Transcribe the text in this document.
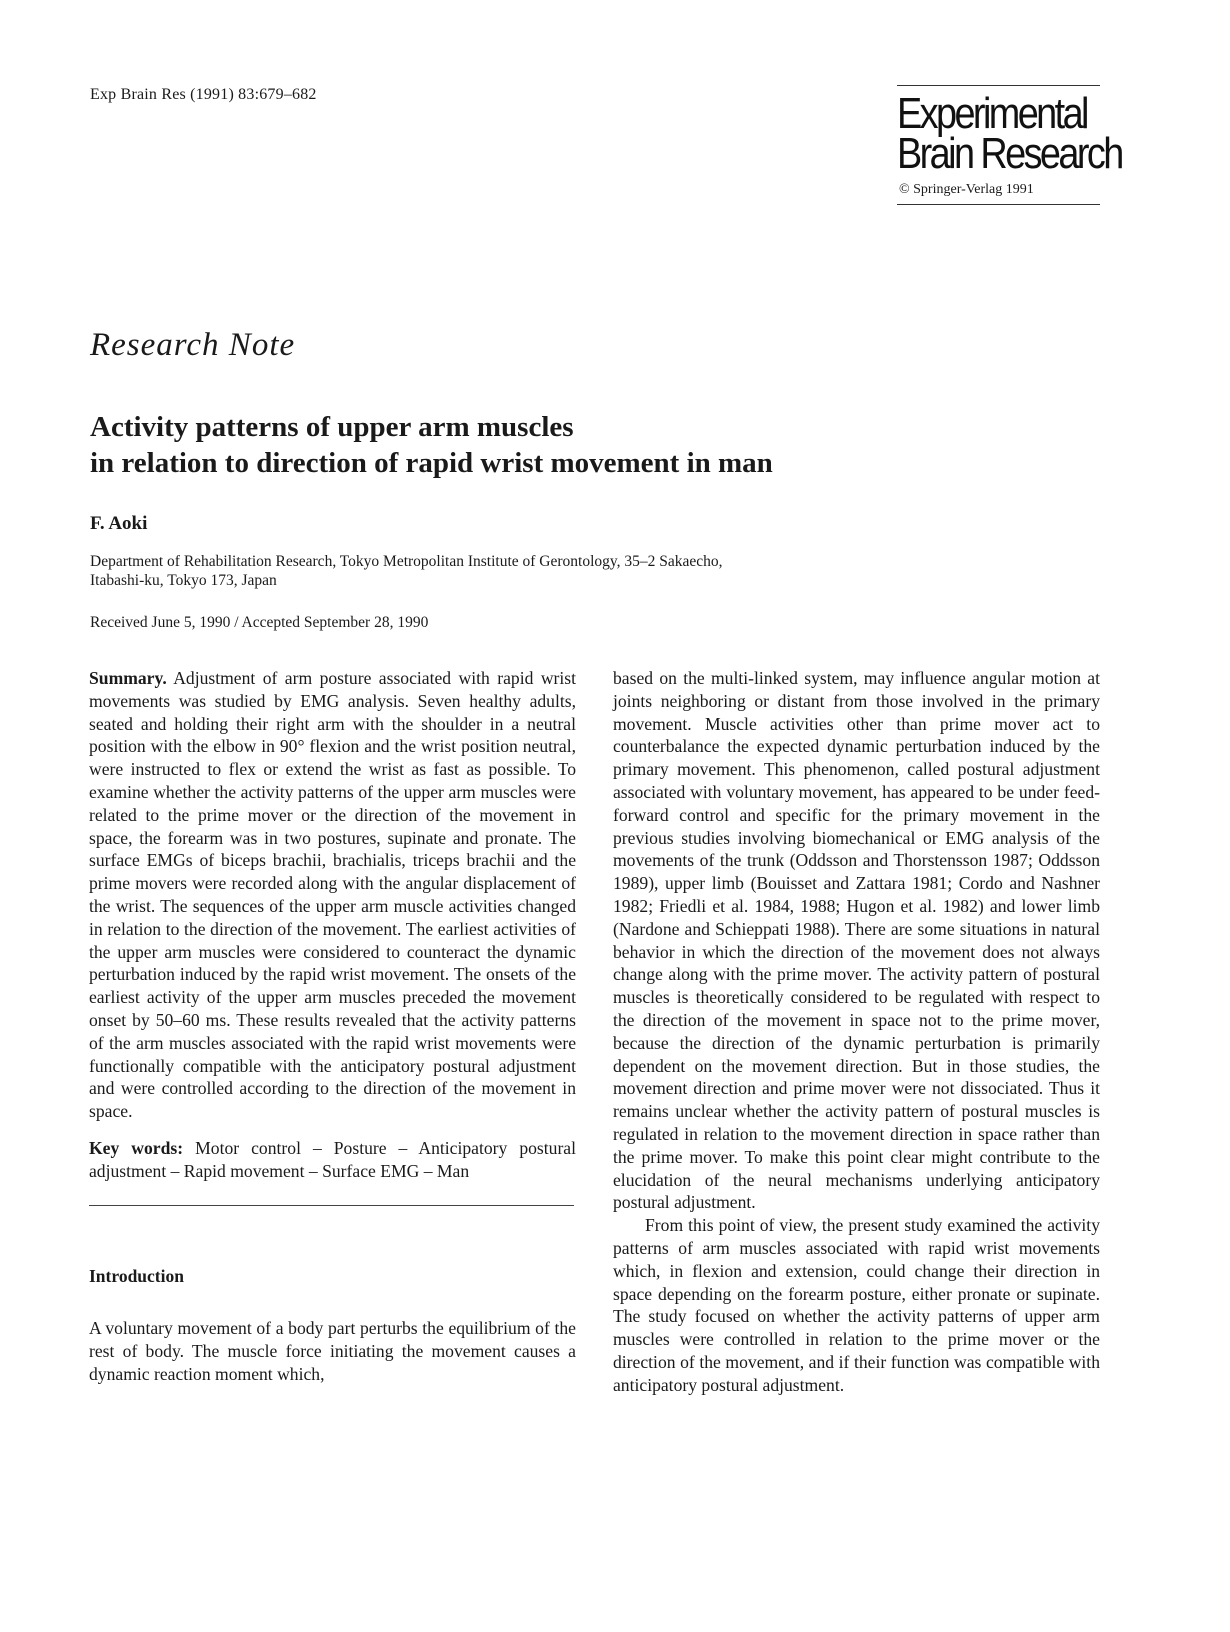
Exp Brain Res (1991) 83:679–682	Experimental
Brain Research
© Springer-Verlag 1991
Research Note
Activity patterns of upper arm muscles
in relation to direction of rapid wrist movement in man
F. Aoki
Department of Rehabilitation Research, Tokyo Metropolitan Institute of Gerontology, 35–2 Sakaecho,
Itabashi-ku, Tokyo 173, Japan
Received June 5, 1990 / Accepted September 28, 1990

Summary. Adjustment of arm posture associated with rapid wrist movements was studied by EMG analysis. Seven healthy adults, seated and holding their right arm with the shoulder in a neutral position with the elbow in 90° flexion and the wrist position neutral, were instructed to flex or extend the wrist as fast as possible. To examine whether the activity patterns of the upper arm muscles were related to the prime mover or the direction of the movement in space, the forearm was in two postures, supinate and pronate. The surface EMGs of biceps brachii, brachialis, triceps brachii and the prime movers were recorded along with the angular displacement of the wrist. The sequences of the upper arm muscle activities changed in relation to the direction of the movement. The earliest activities of the upper arm muscles were considered to counteract the dynamic perturbation induced by the rapid wrist movement. The onsets of the earliest activity of the upper arm muscles preceded the movement onset by 50–60 ms. These results revealed that the activity patterns of the arm muscles associated with the rapid wrist movements were functionally compatible with the anticipatory postural adjustment and were controlled according to the direction of the movement in space.

Key words: Motor control – Posture – Anticipatory postural adjustment – Rapid movement – Surface EMG – Man

Introduction

A voluntary movement of a body part perturbs the equilibrium of the rest of body. The muscle force initiating the movement causes a dynamic reaction moment which,

based on the multi-linked system, may influence angular motion at joints neighboring or distant from those involved in the primary movement. Muscle activities other than prime mover act to counterbalance the expected dynamic perturbation induced by the primary movement. This phenomenon, called postural adjustment associated with voluntary movement, has appeared to be under feed-forward control and specific for the primary movement in the previous studies involving biomechanical or EMG analysis of the movements of the trunk (Oddsson and Thorstensson 1987; Oddsson 1989), upper limb (Bouisset and Zattara 1981; Cordo and Nashner 1982; Friedli et al. 1984, 1988; Hugon et al. 1982) and lower limb (Nardone and Schieppati 1988). There are some situations in natural behavior in which the direction of the movement does not always change along with the prime mover. The activity pattern of postural muscles is theoretically considered to be regulated with respect to the direction of the movement in space not to the prime mover, because the direction of the dynamic perturbation is primarily dependent on the movement direction. But in those studies, the movement direction and prime mover were not dissociated. Thus it remains unclear whether the activity pattern of postural muscles is regulated in relation to the movement direction in space rather than the prime mover. To make this point clear might contribute to the elucidation of the neural mechanisms underlying anticipatory postural adjustment.

From this point of view, the present study examined the activity patterns of arm muscles associated with rapid wrist movements which, in flexion and extension, could change their direction in space depending on the forearm posture, either pronate or supinate. The study focused on whether the activity patterns of upper arm muscles were controlled in relation to the prime mover or the direction of the movement, and if their function was compatible with anticipatory postural adjustment.
